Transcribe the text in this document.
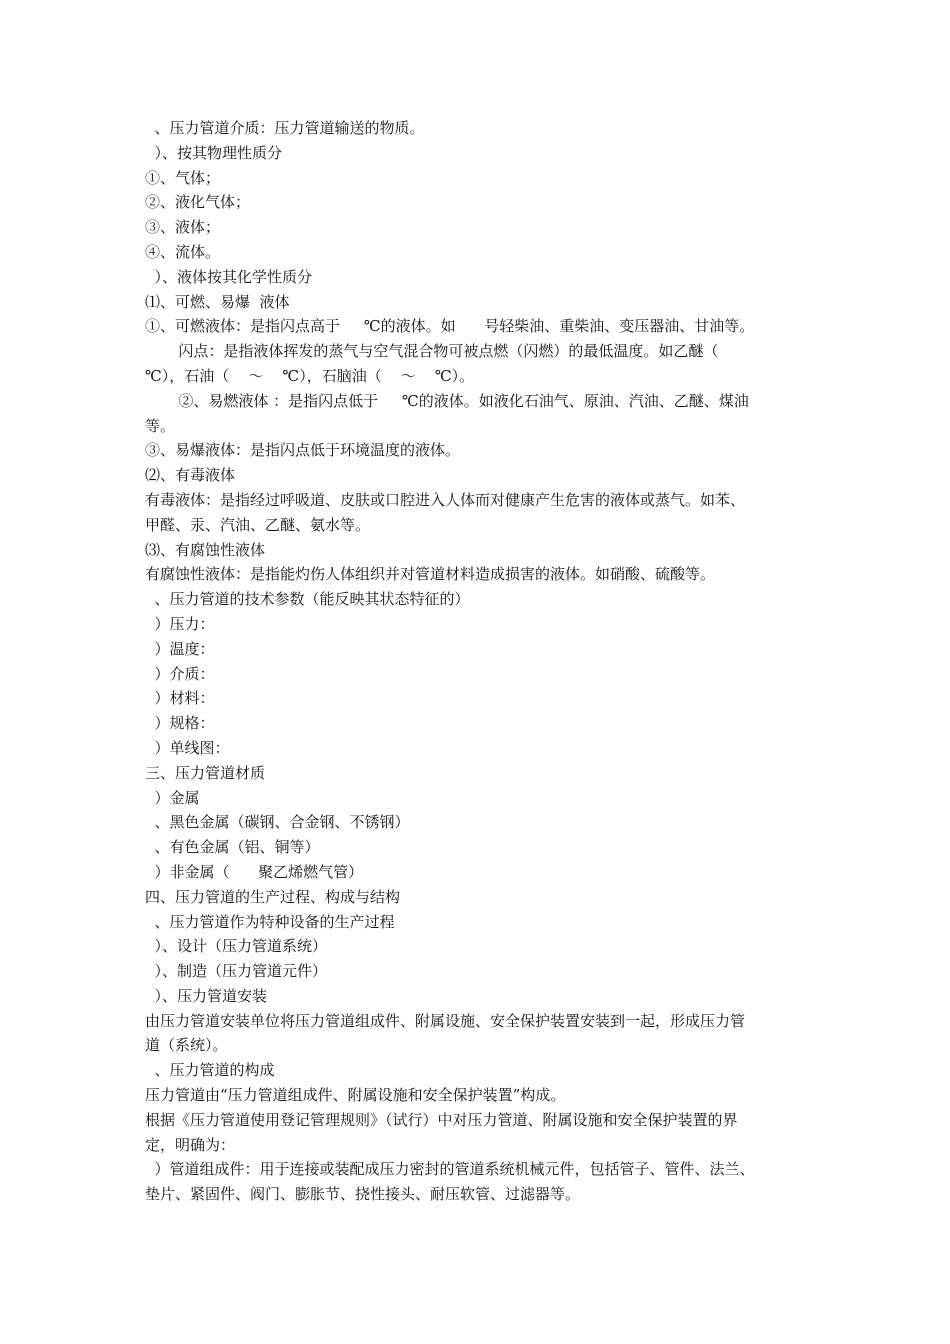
、压力管道介质：压力管道输送的物质。
）、按其物理性质分
①、气体；
②、液化气体；
③、液体；
④、流体。
）、液体按其化学性质分
⑴、可燃、易爆  液体
①、可燃液体：是指闪点高于     ℃的液体。如      号轻柴油、重柴油、变压器油、甘油等。
闪点：是指液体挥发的蒸气与空气混合物可被点燃（闪燃）的最低温度。如乙醚（
℃），石油（    ～    ℃），石脑油（    ～    ℃）。
②、易燃液体 ：是指闪点低于     ℃的液体。如液化石油气、原油、汽油、乙醚、煤油
等。
③、易爆液体：是指闪点低于环境温度的液体。
⑵、有毒液体
有毒液体：是指经过呼吸道、皮肤或口腔进入人体而对健康产生危害的液体或蒸气。如苯、
甲醛、汞、汽油、乙醚、氨水等。
⑶、有腐蚀性液体
有腐蚀性液体：是指能灼伤人体组织并对管道材料造成损害的液体。如硝酸、硫酸等。
、压力管道的技术参数（能反映其状态特征的）
）压力：
）温度：
）介质：
）材料：
）规格：
）单线图：
三、压力管道材质
）金属
、黑色金属（碳钢、合金钢、不锈钢）
、有色金属（铝、铜等）
）非金属（      聚乙烯燃气管）
四、压力管道的生产过程、构成与结构
、压力管道作为特种设备的生产过程
）、设计（压力管道系统）
）、制造（压力管道元件）
）、压力管道安装
由压力管道安装单位将压力管道组成件、附属设施、安全保护装置安装到一起，形成压力管
道（系统）。
、压力管道的构成
压力管道由“压力管道组成件、附属设施和安全保护装置”构成。
根据《压力管道使用登记管理规则》（试行）中对压力管道、附属设施和安全保护装置的界
定，明确为：
）管道组成件：用于连接或装配成压力密封的管道系统机械元件，包括管子、管件、法兰、
垫片、紧固件、阀门、膨胀节、挠性接头、耐压软管、过滤器等。
